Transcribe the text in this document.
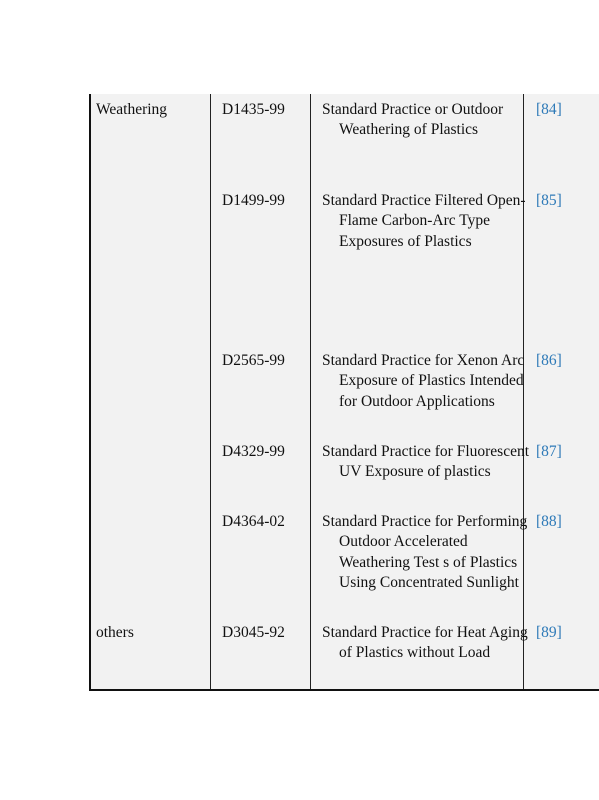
Weathering	D1435-99 Standard Practice or Outdoor Weathering of Plastics
[84]
D1499-99 Standard Practice Filtered Open-Flame Carbon-Arc Type Exposures of Plastics
[85]
D2565-99 Standard Practice for Xenon Arc Exposure of Plastics Intended for Outdoor Applications
[86]
D4329-99 Standard Practice for Fluorescent UV Exposure of plastics
[87]
D4364-02 Standard Practice for Performing Outdoor Accelerated Weathering Test s of Plastics Using Concentrated Sunlight
[88]
others	D3045-92 Standard Practice for Heat Aging of Plastics without Load
[89]
